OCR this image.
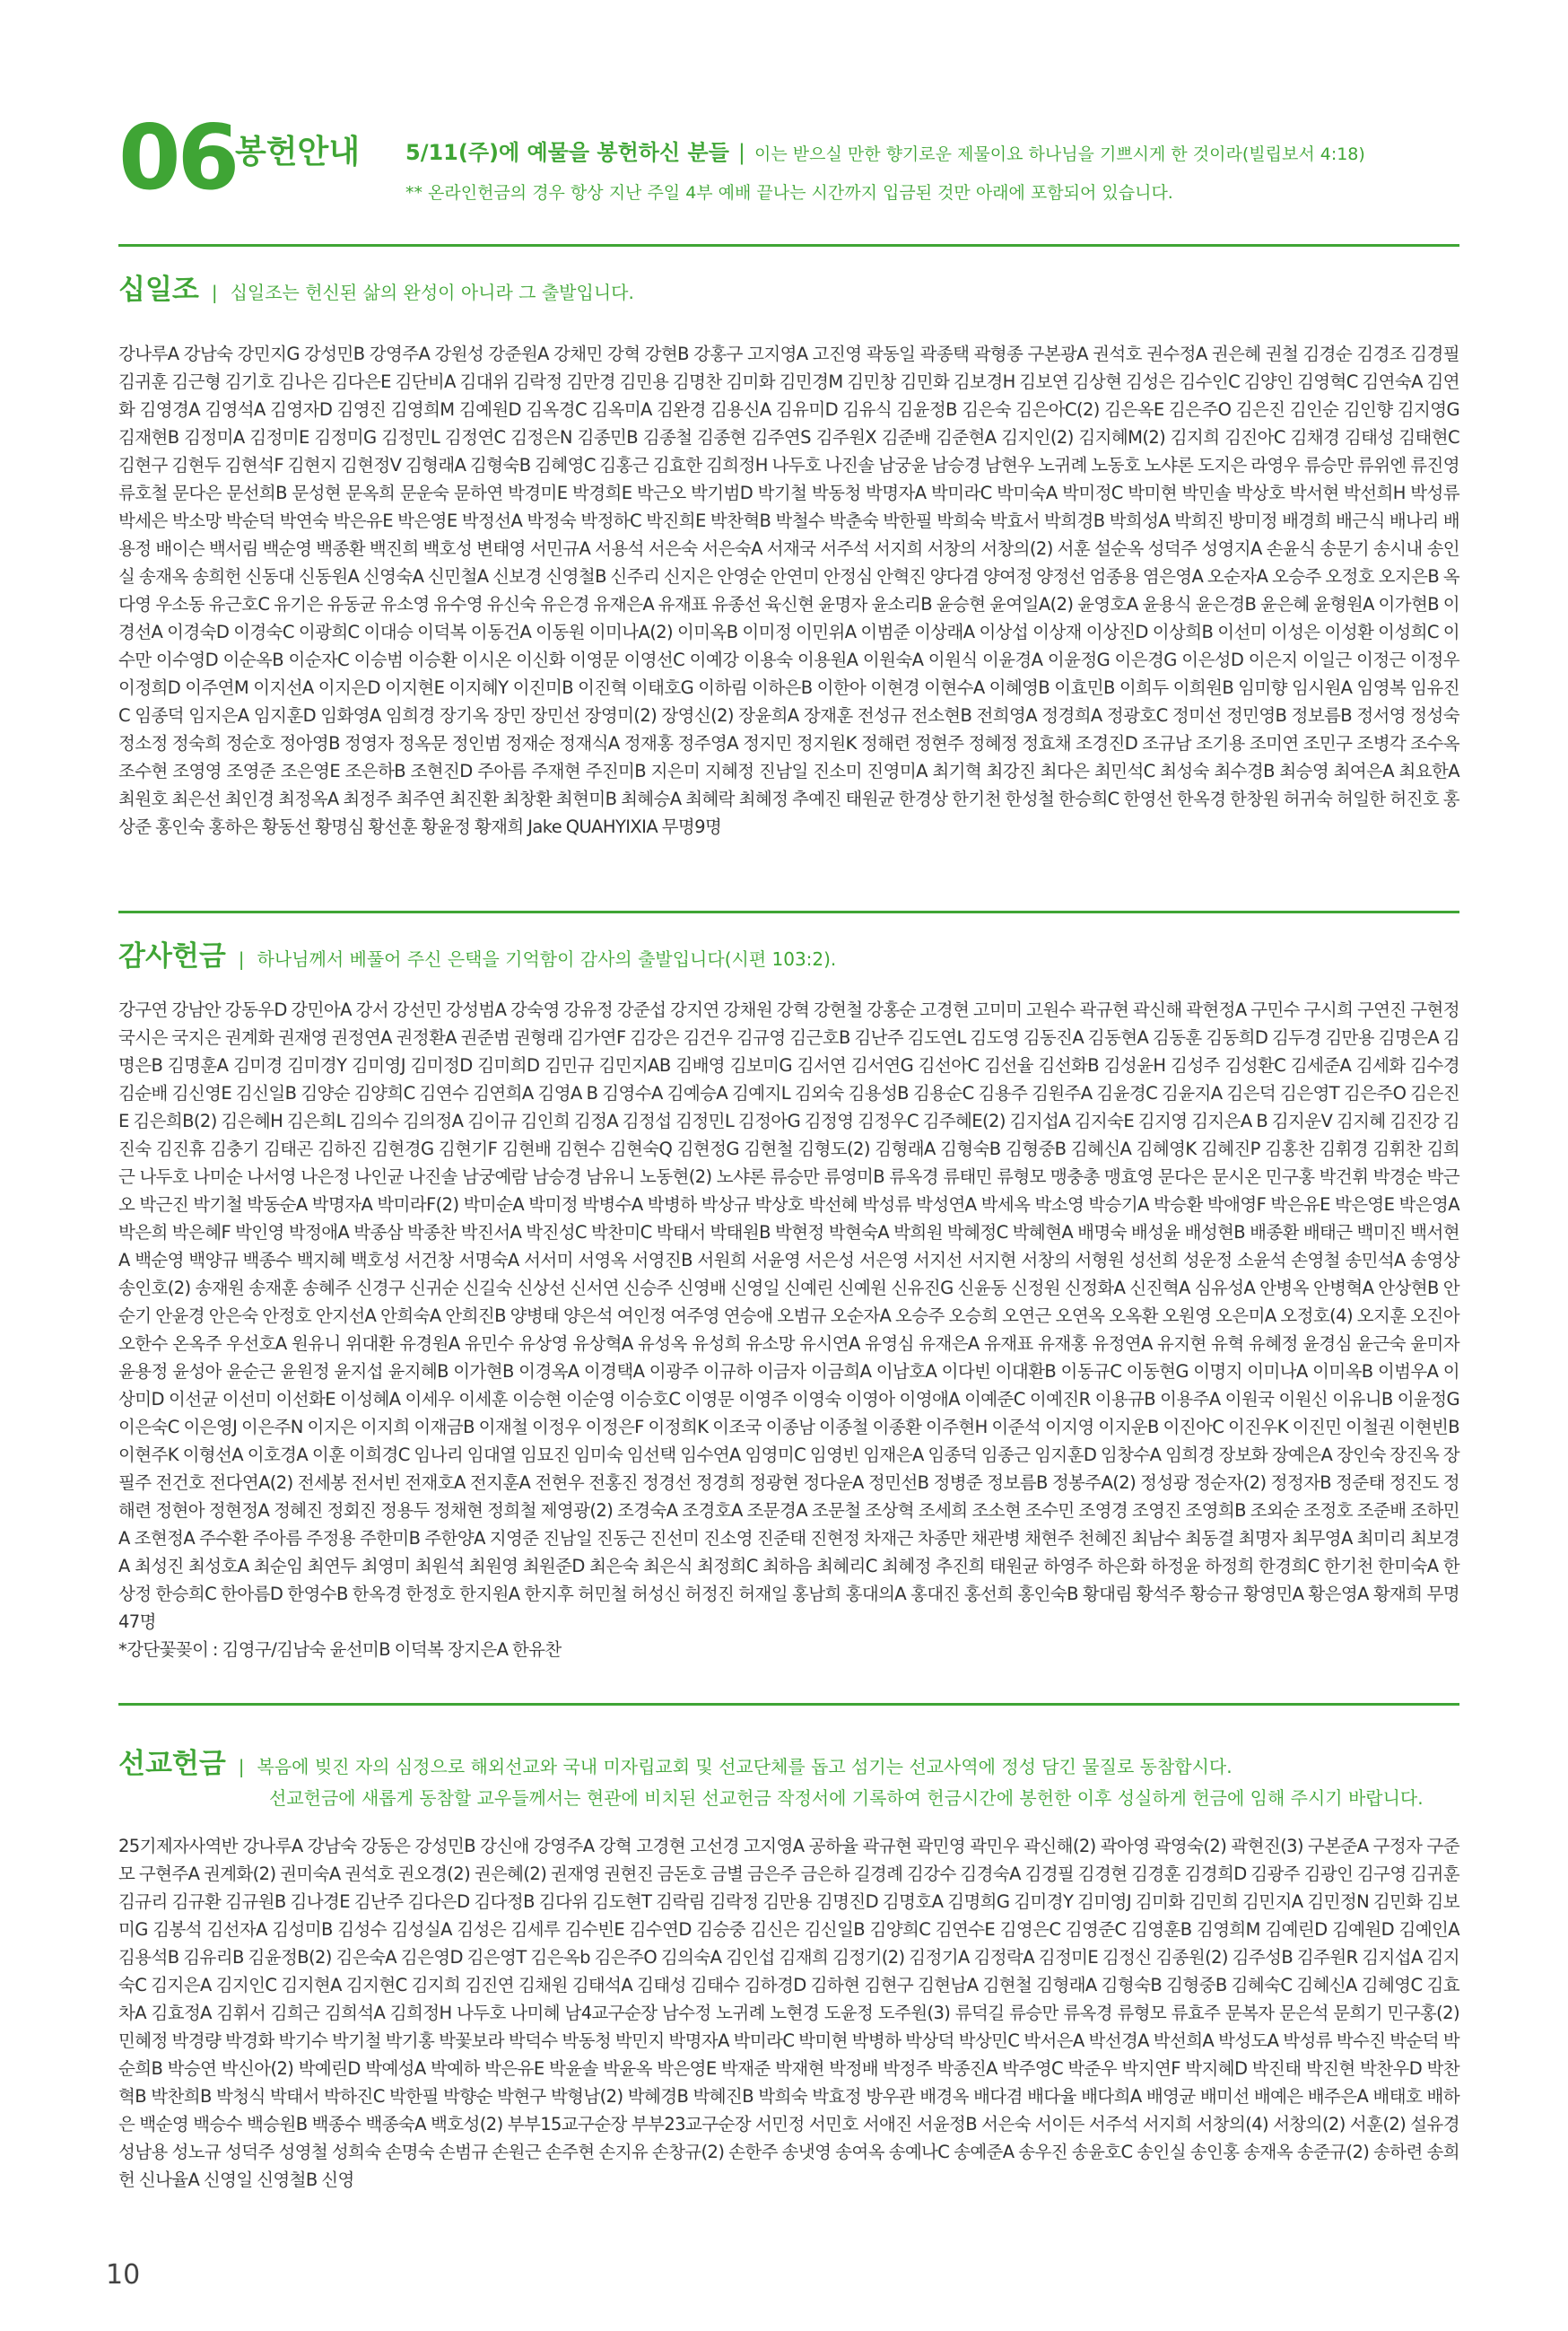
06
봉헌안내 5/11(주)에 예물을 봉헌하신 분들 | 이는 받으실 만한 향기로운 제물이요 하나님을 기쁘시게 한 것이라(빌립보서 4:18)
** 온라인헌금의 경우 항상 지난 주일 4부 예배 끝나는 시간까지 입금된 것만 아래에 포함되어 있습니다.
십일조 | 십일조는 헌신된 삶의 완성이 아니라 그 출발입니다.
강나루A 강남숙 강민지G 강성민B 강영주A 강원성 강준원A 강채민 강혁 강현B 강홍구 고지영A 고진영 곽동일 곽종택 곽형종 구본광A 권석호 권수정A 권은혜 권철 김경순 김경조 김경필 김귀훈 김근형 김기호 김나은 김다은E 김단비A 김대위 김락정 김만경 김민용 김명찬 김미화 김민경M 김민창 김민화 김보경H 김보연 김상현 김성은 김수인C 김양인 김영혁C 김연숙A 김연화 김영경A 김영석A 김영자D 김영진 김영희M 김예원D 김옥경C 김옥미A 김완경 김용신A 김유미D 김유식 김윤정B 김은숙 김은아C(2) 김은옥E 김은주O 김은진 김인순 김인향 김지영G 김재현B 김정미A 김정미E 김정미G 김정민L 김정연C 김정은N 김종민B 김종철 김종현 김주연S 김주원X 김준배 김준현A 김지인(2) 김지혜M(2) 김지희 김진아C 김채경 김태성 김태현C 김현구 김현두 김현석F 김현지 김현정V 김형래A 김형숙B 김혜영C 김홍근 김효한 김희정H 나두호 나진솔 남궁윤 남승경 남현우 노귀례 노동호 노샤론 도지은 라영우 류승만 류위엔 류진영 류호철 문다은 문선희B 문성현 문옥희 문운숙 문하연 박경미E 박경희E 박근오 박기범D 박기철 박동청 박명자A 박미라C 박미숙A 박미정C 박미현 박민솔 박상호 박서현 박선희H 박성류 박세은 박소망 박순덕 박연숙 박은유E 박은영E 박정선A 박정숙 박정하C 박진희E 박찬혁B 박철수 박춘숙 박한필 박희숙 박효서 박희경B 박희성A 박희진 방미정 배경희 배근식 배나리 배용정 배이슨 백서림 백순영 백종환 백진희 백호성 변태영 서민규A 서용석 서은숙 서은숙A 서재국 서주석 서지희 서창의 서창의(2) 서훈 설순옥 성덕주 성영지A 손윤식 송문기 송시내 송인실 송재옥 송희헌 신동대 신동원A 신영숙A 신민철A 신보경 신영철B 신주리 신지은 안영순 안연미 안정심 안혁진 양다겸 양여정 양정선 엄종용 염은영A 오순자A 오승주 오정호 오지은B 옥다영 우소동 유근호C 유기은 유동균 유소영 유수영 유신숙 유은경 유재은A 유재표 유종선 육신현 윤명자 윤소리B 윤승현 윤여일A(2) 윤영호A 윤용식 윤은경B 윤은혜 윤형원A 이가현B 이경선A 이경숙D 이경숙C 이광희C 이대승 이덕복 이동건A 이동원 이미나A(2) 이미옥B 이미정 이민위A 이범준 이상래A 이상섭 이상재 이상진D 이상희B 이선미 이성은 이성환 이성희C 이수만 이수영D 이순옥B 이순자C 이승범 이승환 이시온 이신화 이영문 이영선C 이예강 이용숙 이용원A 이원숙A 이원식 이윤경A 이윤정G 이은경G 이은성D 이은지 이일근 이정근 이정우 이정희D 이주연M 이지선A 이지은D 이지현E 이지혜Y 이진미B 이진혁 이태호G 이하림 이하은B 이한아 이현경 이현수A 이혜영B 이효민B 이희두 이희원B 임미향 임시원A 임영복 임유진C 임종덕 임지은A 임지훈D 임화영A 임희경 장기옥 장민 장민선 장영미(2) 장영신(2) 장윤희A 장재훈 전성규 전소현B 전희영A 정경희A 정광호C 정미선 정민영B 정보름B 정서영 정성숙 정소정 정숙희 정순호 정아영B 정영자 정옥문 정인범 정재순 정재식A 정재홍 정주영A 정지민 정지원K 정해련 정현주 정혜정 정효채 조경진D 조규남 조기용 조미연 조민구 조병각 조수옥 조수현 조영영 조영준 조은영E 조은하B 조현진D 주아름 주재현 주진미B 지은미 지혜정 진남일 진소미 진영미A 최기혁 최강진 최다은 최민석C 최성숙 최수경B 최승영 최여은A 최요한A 최원호 최은선 최인경 최정옥A 최정주 최주연 최진환 최창환 최현미B 최혜승A 최혜락 최혜정 추예진 태원균 한경상 한기천 한성철 한승희C 한영선 한옥경 한창원 허귀숙 허일한 허진호 홍상준 홍인숙 홍하은 황동선 황명심 황선훈 황윤정 황재희 Jake QUAHYIXIA 무명9명
감사헌금 | 하나님께서 베풀어 주신 은택을 기억함이 감사의 출발입니다(시편 103:2).
강구연 강남안 강동우D 강민아A 강서 강선민 강성범A 강숙영 강유정 강준섭 강지연 강채원 강혁 강현철 강홍순 고경현 고미미 고원수 곽규현 곽신해 곽현정A 구민수 구시희 구연진 구현정 국시은 국지은 권계화 권재영 권정연A 권정환A 권준범 권형래 김가연F 김강은 김건우 김규영 김근호B 김난주 김도연L 김도영 김동진A 김동현A 김동훈 김동희D 김두경 김만용 김명은A 김명은B 김명훈A 김미경 김미경Y 김미영J 김미정D 김미희D 김민규 김민지AB 김배영 김보미G 김서연 김서연G 김선아C 김선율 김선화B 김성윤H 김성주 김성환C 김세준A 김세화 김수경 김순배 김신영E 김신일B 김양순 김양희C 김연수 김연희A 김영A B 김영수A 김예승A 김예지L 김외숙 김용성B 김용순C 김용주 김원주A 김윤경C 김윤지A 김은덕 김은영T 김은주O 김은진E 김은희B(2) 김은혜H 김은희L 김의수 김의정A 김이규 김인희 김정A 김정섭 김정민L 김정아G 김정영 김정우C 김주혜E(2) 김지섭A 김지숙E 김지영 김지은A B 김지운V 김지혜 김진강 김진숙 김진휴 김충기 김태곤 김하진 김현경G 김현기F 김현배 김현수 김현숙Q 김현정G 김현철 김형도(2) 김형래A 김형숙B 김형중B 김혜신A 김혜영K 김혜진P 김홍찬 김휘경 김휘찬 김희근 나두호 나미순 나서영 나은정 나인균 나진솔 남궁예람 남승경 남유니 노동현(2) 노샤론 류승만 류영미B 류옥경 류태민 류형모 맹충총 맹효영 문다은 문시온 민구홍 박건휘 박경순 박근오 박근진 박기철 박동순A 박명자A 박미라F(2) 박미순A 박미정 박병수A 박병하 박상규 박상호 박선혜 박성류 박성연A 박세옥 박소영 박승기A 박승환 박애영F 박은유E 박은영E 박은영A 박은희 박은혜F 박인영 박정애A 박종삼 박종찬 박진서A 박진성C 박찬미C 박태서 박태원B 박현정 박현숙A 박희원 박혜정C 박혜현A 배명숙 배성윤 배성현B 배종환 배태근 백미진 백서현A 백순영 백양규 백종수 백지혜 백호성 서건창 서명숙A 서서미 서영옥 서영진B 서원희 서윤영 서은성 서은영 서지선 서지현 서창의 서형원 성선희 성운정 소윤석 손영철 송민석A 송영상 송인호(2) 송재원 송재훈 송혜주 신경구 신귀순 신길숙 신상선 신서연 신승주 신영배 신영일 신예린 신예원 신유진G 신윤동 신정원 신정화A 신진혁A 심유성A 안병옥 안병혁A 안상현B 안순기 안윤경 안은숙 안정호 안지선A 안희숙A 안희진B 양병태 양은석 여인정 여주영 연승애 오범규 오순자A 오승주 오승희 오연근 오연옥 오옥환 오원영 오은미A 오정호(4) 오지훈 오진아 오한수 온옥주 우선호A 원유니 위대환 유경원A 유민수 유상영 유상혁A 유성옥 유성희 유소망 유시연A 유영심 유재은A 유재표 유재홍 유정연A 유지현 유혁 유혜정 윤경심 윤근숙 윤미자 윤용정 윤성아 윤순근 윤원정 윤지섭 윤지혜B 이가현B 이경옥A 이경택A 이광주 이규하 이금자 이금희A 이남호A 이다빈 이대환B 이동규C 이동현G 이명지 이미나A 이미옥B 이범우A 이상미D 이선균 이선미 이선화E 이성혜A 이세우 이세훈 이승현 이순영 이승호C 이영문 이영주 이영숙 이영아 이영애A 이예준C 이예진R 이용규B 이용주A 이원국 이원신 이유니B 이윤정G 이은숙C 이은영J 이은주N 이지은 이지희 이재금B 이재철 이정우 이정은F 이정희K 이조국 이종남 이종철 이종환 이주현H 이준석 이지영 이지운B 이진아C 이진우K 이진민 이철권 이현빈B 이현주K 이형선A 이호경A 이훈 이희경C 임나리 임대열 임묘진 임미숙 임선택 임수연A 임영미C 임영빈 임재은A 임종덕 임종근 임지훈D 임창수A 임희경 장보화 장예은A 장인숙 장진옥 장필주 전건호 전다연A(2) 전세봉 전서빈 전재호A 전지훈A 전현우 전홍진 정경선 정경희 정광현 정다운A 정민선B 정병준 정보름B 정봉주A(2) 정성광 정순자(2) 정정자B 정준태 정진도 정해련 정현아 정현정A 정혜진 정회진 정용두 정채현 정희철 제영광(2) 조경숙A 조경호A 조문경A 조문철 조상혁 조세희 조소현 조수민 조영경 조영진 조영희B 조외순 조정호 조준배 조하민A 조현정A 주수환 주아름 주정용 주한미B 주한양A 지영준 진남일 진동근 진선미 진소영 진준태 진현정 차재근 차종만 채관병 채현주 천혜진 최남수 최동결 최명자 최무영A 최미리 최보경A 최성진 최성호A 최순임 최연두 최영미 최원석 최원영 최원준D 최은숙 최은식 최정희C 최하음 최혜리C 최혜정 추진희 태원균 하영주 하은화 하정윤 하정희 한경희C 한기천 한미숙A 한상정 한승희C 한아름D 한영수B 한옥경 한정호 한지원A 한지후 허민철 허성신 허정진 허재일 홍남희 홍대의A 홍대진 홍선희 홍인숙B 황대림 황석주 황승규 황영민A 황은영A 황재희 무명47명
*강단꽃꽂이 : 김영구/김남숙 윤선미B 이덕복 장지은A 한유찬
선교헌금 | 복음에 빚진 자의 심정으로 해외선교와 국내 미자립교회 및 선교단체를 돕고 섬기는 선교사역에 정성 담긴 물질로 동참합시다.
선교헌금에 새롭게 동참할 교우들께서는 현관에 비치된 선교헌금 작정서에 기록하여 헌금시간에 봉헌한 이후 성실하게 헌금에 임해 주시기 바랍니다.
25기제자사역반 강나루A 강남숙 강동은 강성민B 강신애 강영주A 강혁 고경현 고선경 고지영A 공하율 곽규현 곽민영 곽민우 곽신해(2) 곽아영 곽영숙(2) 곽현진(3) 구본준A 구정자 구준모 구현주A 권계화(2) 권미숙A 권석호 권오경(2) 권은혜(2) 권재영 권현진 금돈호 금별 금은주 금은하 길경례 김강수 김경숙A 김경필 김경현 김경훈 김경희D 김광주 김광인 김구영 김귀훈 김규리 김규환 김규원B 김나경E 김난주 김다은D 김다정B 김다위 김도현T 김락림 김락정 김만용 김명진D 김명호A 김명희G 김미경Y 김미영J 김미화 김민희 김민지A 김민정N 김민화 김보미G 김봉석 김선자A 김성미B 김성수 김성실A 김성은 김세루 김수빈E 김수연D 김승중 김신은 김신일B 김양희C 김연수E 김영은C 김영준C 김영훈B 김영희M 김예린D 김예원D 김예인A 김용석B 김유리B 김윤정B(2) 김은숙A 김은영D 김은영T 김은옥b 김은주O 김의숙A 김인섭 김재희 김정기(2) 김정기A 김정락A 김정미E 김정신 김종원(2) 김주성B 김주원R 김지섭A 김지숙C 김지은A 김지인C 김지현A 김지현C 김지희 김진연 김채원 김태석A 김태성 김태수 김하경D 김하현 김현구 김현남A 김현철 김형래A 김형숙B 김형중B 김혜숙C 김혜신A 김혜영C 김효차A 김효정A 김휘서 김희근 김희석A 김희정H 나두호 나미혜 남4교구순장 남수정 노귀례 노현경 도윤정 도주원(3) 류덕길 류승만 류옥경 류형모 류효주 문복자 문은석 문희기 민구홍(2) 민혜정 박경량 박경화 박기수 박기철 박기홍 박꽃보라 박덕수 박동청 박민지 박명자A 박미라C 박미현 박병하 박상덕 박상민C 박서은A 박선경A 박선희A 박성도A 박성류 박수진 박순덕 박순희B 박승연 박신아(2) 박예린D 박예성A 박예하 박은유E 박윤솔 박윤옥 박은영E 박재준 박재현 박정배 박정주 박종진A 박주영C 박준우 박지연F 박지혜D 박진태 박진현 박찬우D 박찬혁B 박찬희B 박청식 박태서 박하진C 박한필 박향순 박현구 박형남(2) 박혜경B 박혜진B 박희숙 박효정 방우관 배경옥 배다겸 배다율 배다희A 배영균 배미선 배예은 배주은A 배태호 배하은 백순영 백승수 백승원B 백종수 백종숙A 백호성(2) 부부15교구순장 부부23교구순장 서민정 서민호 서애진 서윤정B 서은숙 서이든 서주석 서지희 서창의(4) 서창의(2) 서훈(2) 설유경 성남용 성노규 성덕주 성영철 성희숙 손명숙 손범규 손원근 손주현 손지유 손창규(2) 손한주 송냇영 송여옥 송예나C 송예준A 송우진 송윤호C 송인실 송인홍 송재옥 송준규(2) 송하련 송희헌 신나율A 신영일 신영철B 신영
10
